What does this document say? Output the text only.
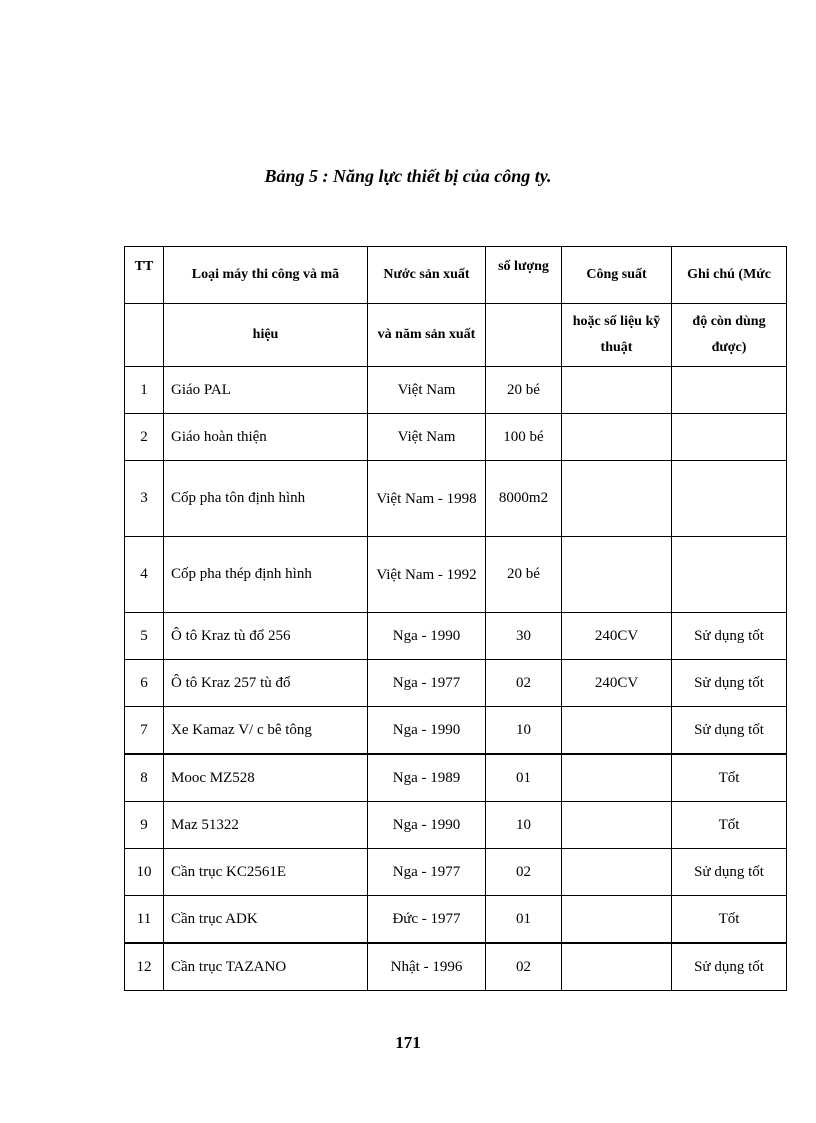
Bảng 5 : Năng lực thiết bị của công ty.
TT	Loại máy thi công và mã	Nước sản xuất	số lượng	Công suất	Ghi chú (Mức
	hiệu	và năm sản xuất		hoặc số liệu kỹ thuật	độ còn dùng được)
1	Giáo PAL	Việt Nam	20 bé		
2	Giáo hoàn thiện	Việt Nam	100 bé		
3	Cốp pha tôn định hình	Việt Nam - 1998	8000m2		
4	Cốp pha thép định hình	Việt Nam - 1992	20 bé		
5	Ô tô Kraz tù đổ 256	Nga - 1990	30	240CV	Sử dụng tốt
6	Ô tô Kraz 257 tù đổ	Nga - 1977	02	240CV	Sử dụng tốt
7	Xe Kamaz V/ c bê tông	Nga - 1990	10		Sử dụng tốt
8	Mooc MZ528	Nga - 1989	01		Tốt
9	Maz 51322	Nga - 1990	10		Tốt
10	Cần trục KC2561E	Nga - 1977	02		Sử dụng tốt
11	Cần trục ADK	Đức - 1977	01		Tốt
12	Cần trục TAZANO	Nhật - 1996	02		Sử dụng tốt

171
